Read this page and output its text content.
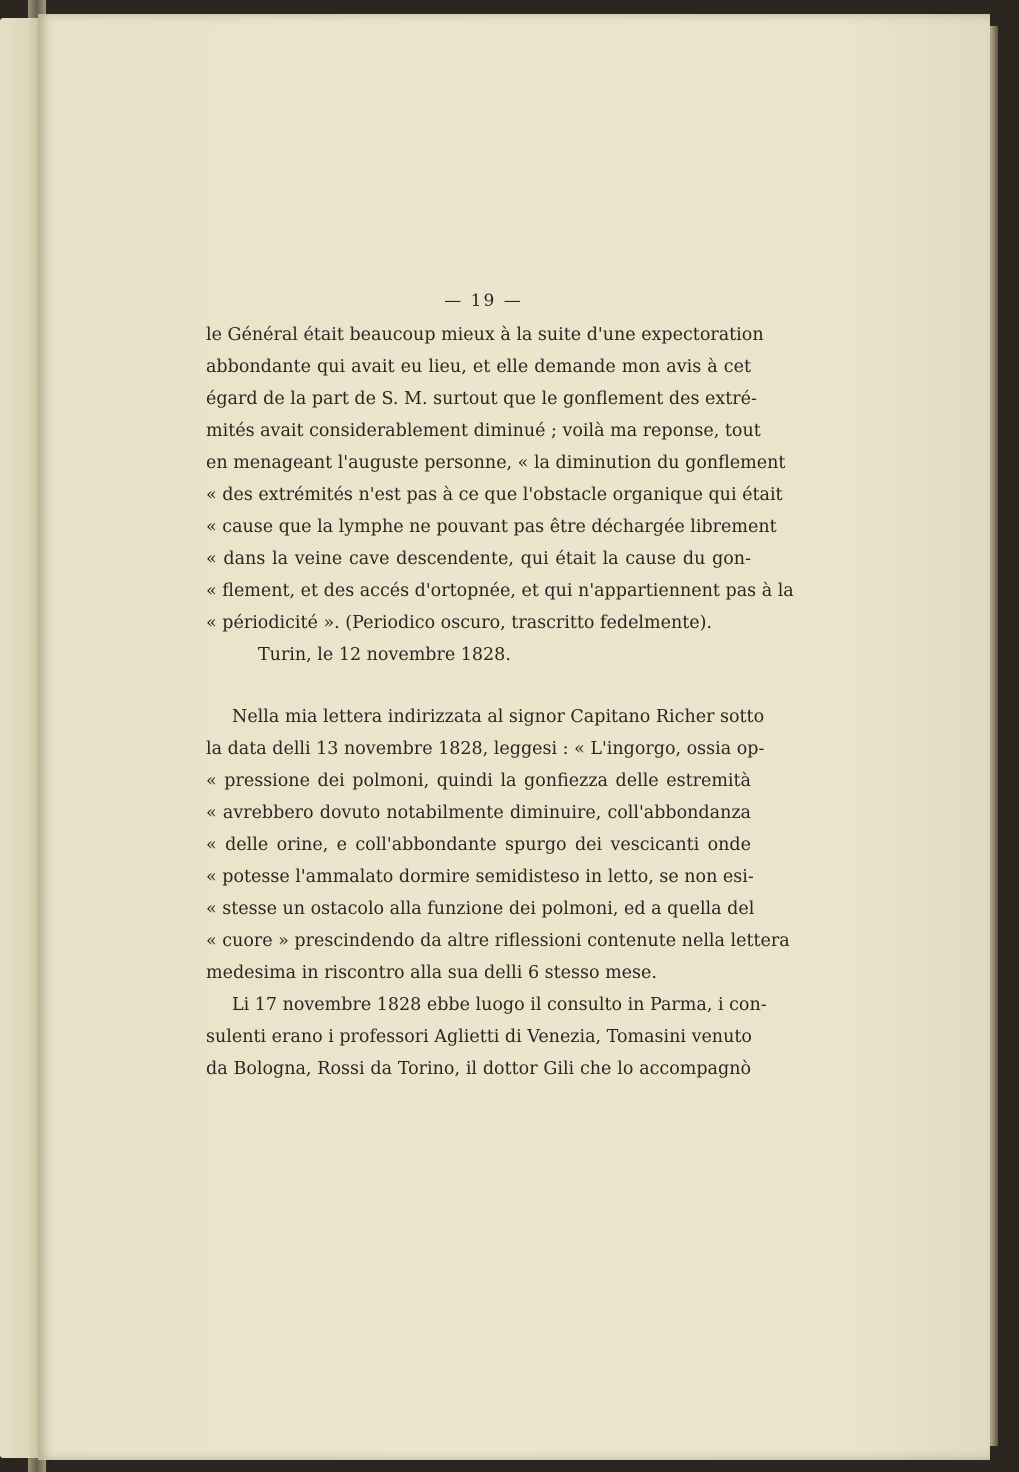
— 19 —
le Général était beaucoup mieux à la suite d'une expectoration
abbondante qui avait eu lieu, et elle demande mon avis à cet
égard de la part de S. M. surtout que le gonflement des extré-
mités avait considerablement diminué ; voilà ma reponse, tout
en menageant l'auguste personne, « la diminution du gonflement
« des extrémités n'est pas à ce que l'obstacle organique qui était
« cause que la lymphe ne pouvant pas être déchargée librement
« dans la veine cave descendente, qui était la cause du gon-
« flement, et des accés d'ortopnée, et qui n'appartiennent pas à la
« périodicité ». (Periodico oscuro, trascritto fedelmente).
Turin, le 12 novembre 1828.
Nella mia lettera indirizzata al signor Capitano Richer sotto
la data delli 13 novembre 1828, leggesi : « L'ingorgo, ossia op-
« pressione dei polmoni, quindi la gonfiezza delle estremità
« avrebbero dovuto notabilmente diminuire, coll'abbondanza
« delle orine, e coll'abbondante spurgo dei vescicanti onde
« potesse l'ammalato dormire semidisteso in letto, se non esi-
« stesse un ostacolo alla funzione dei polmoni, ed a quella del
« cuore » prescindendo da altre riflessioni contenute nella lettera
medesima in riscontro alla sua delli 6 stesso mese.
Li 17 novembre 1828 ebbe luogo il consulto in Parma, i con-
sulenti erano i professori Aglietti di Venezia, Tomasini venuto
da Bologna, Rossi da Torino, il dottor Gili che lo accompagnò
